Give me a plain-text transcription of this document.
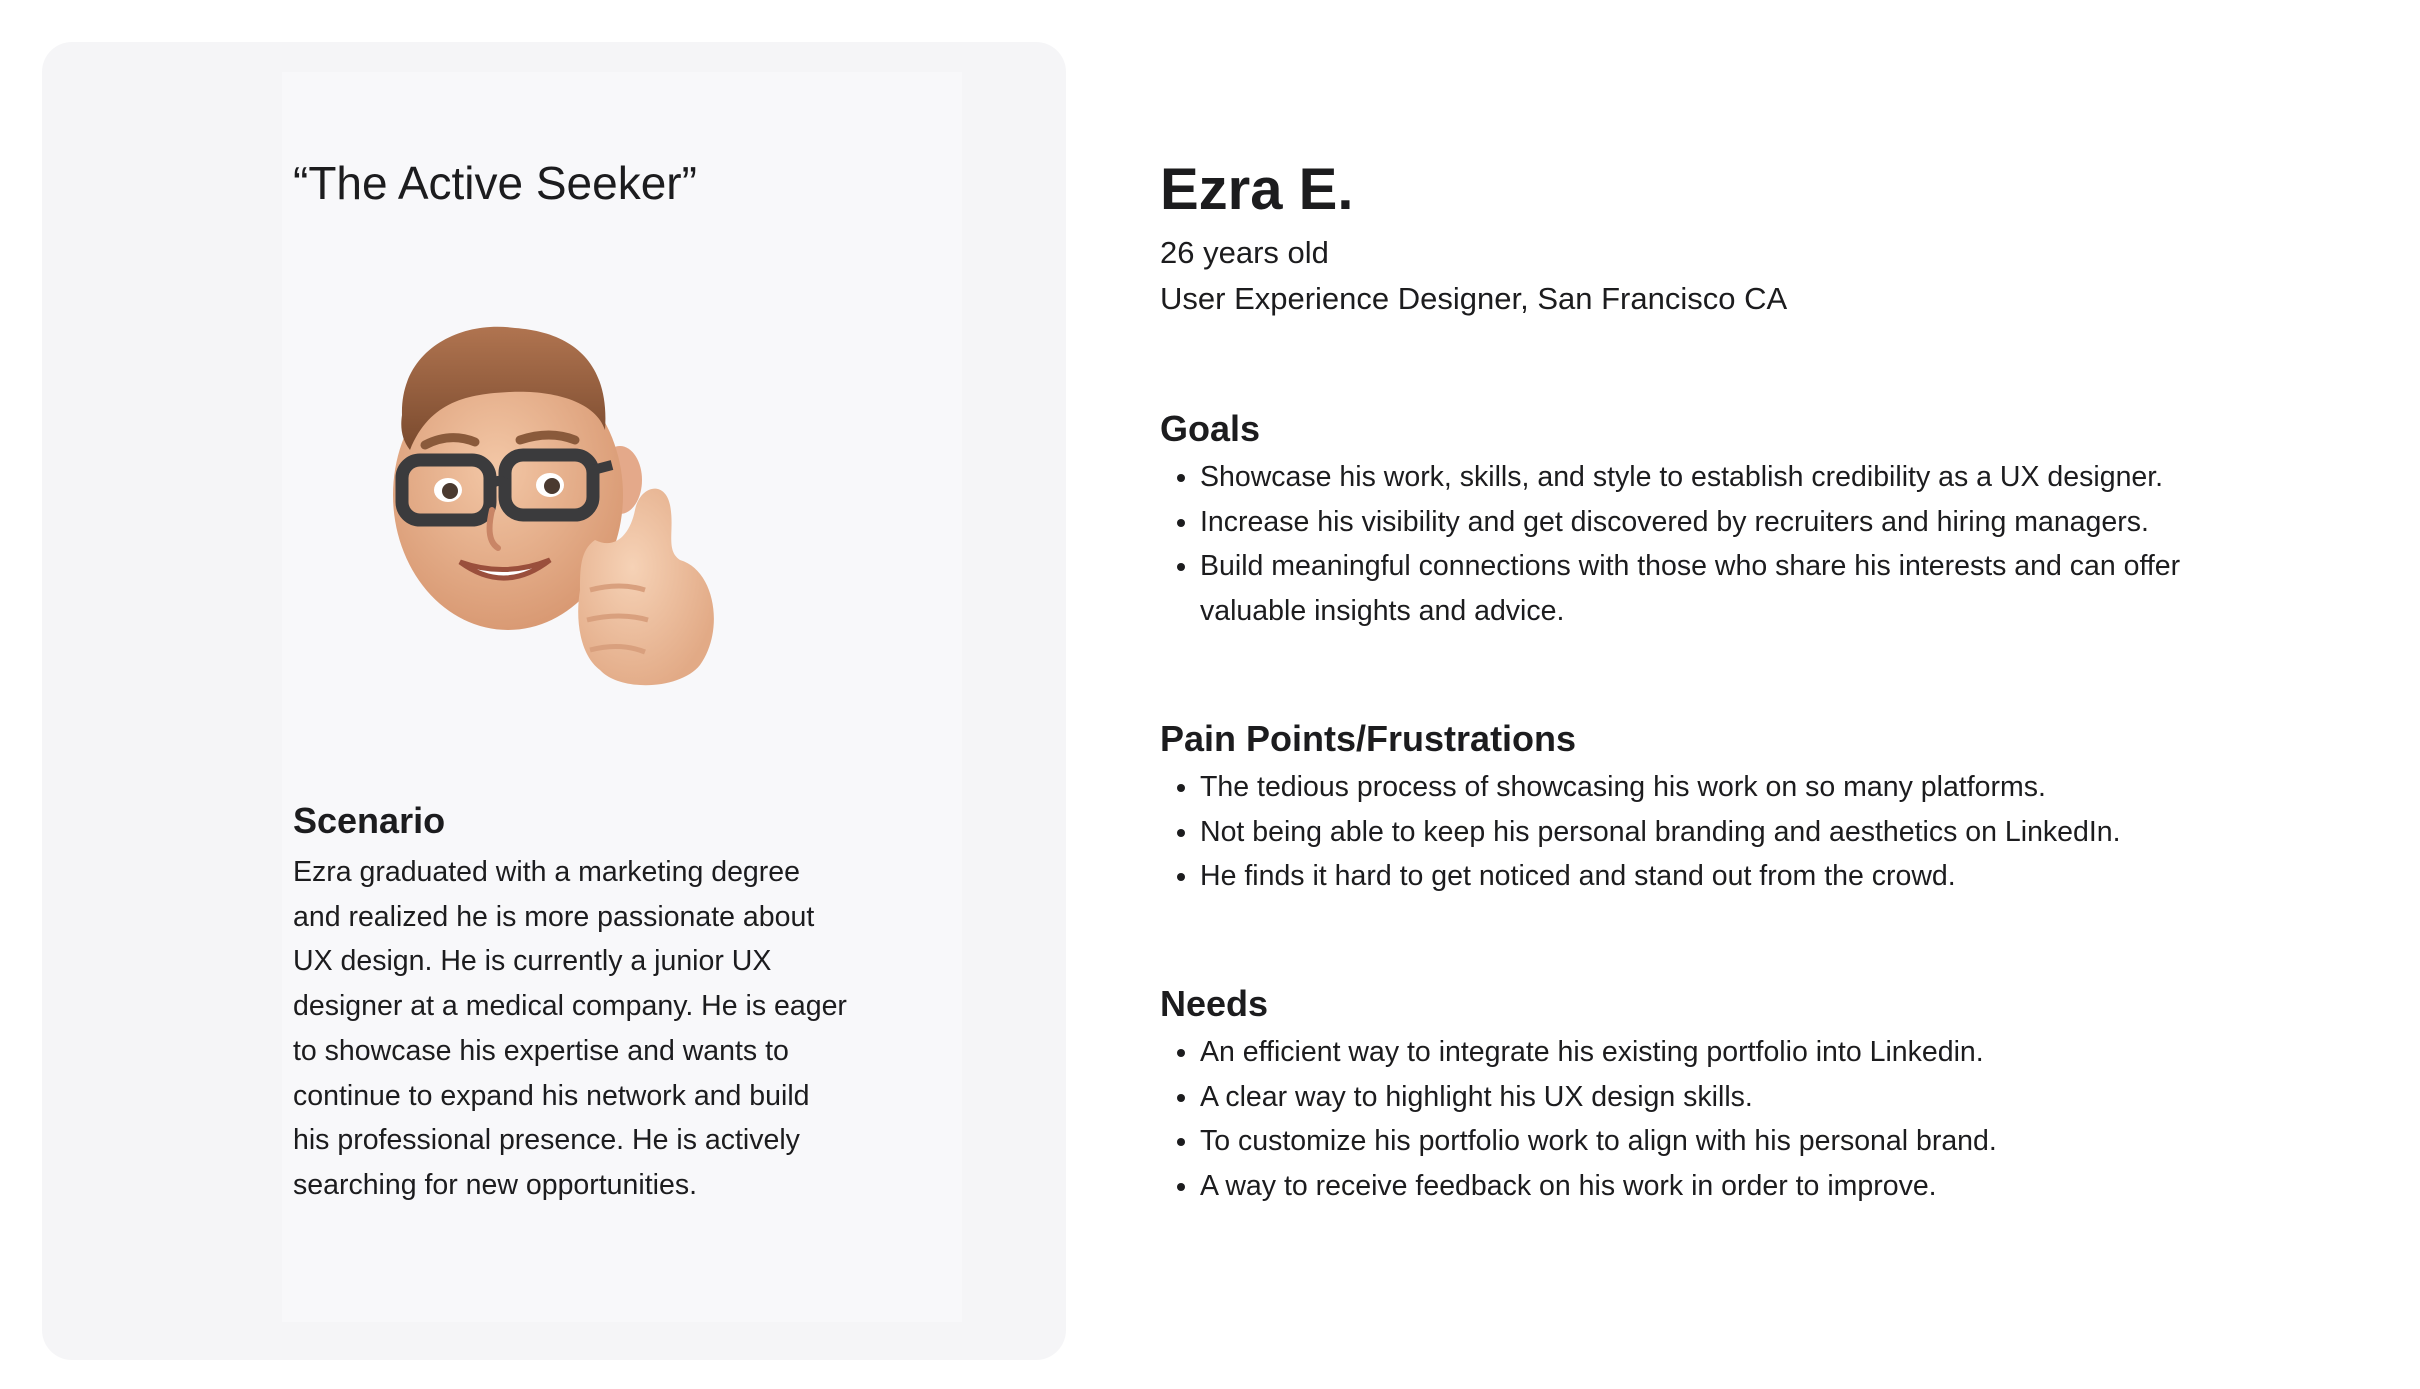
“The Active Seeker”
Scenario

Ezra graduated with a marketing degree and realized he is more passionate about UX design. He is currently a junior UX designer at a medical company. He is eager to showcase his expertise and wants to continue to expand his network and build his professional presence. He is actively searching for new opportunities.

Ezra E.
26 years old
User Experience Designer, San Francisco CA
Goals
• Showcase his work, skills, and style to establish credibility as a UX designer.
• Increase his visibility and get discovered by recruiters and hiring managers.
• Build meaningful connections with those who share his interests and can offer valuable insights and advice.
Pain Points/Frustrations
• The tedious process of showcasing his work on so many platforms.
• Not being able to keep his personal branding and aesthetics on LinkedIn.
• He finds it hard to get noticed and stand out from the crowd.
Needs
• An efficient way to integrate his existing portfolio into Linkedin.
• A clear way to highlight his UX design skills.
• To customize his portfolio work to align with his personal brand.
• A way to receive feedback on his work in order to improve.
